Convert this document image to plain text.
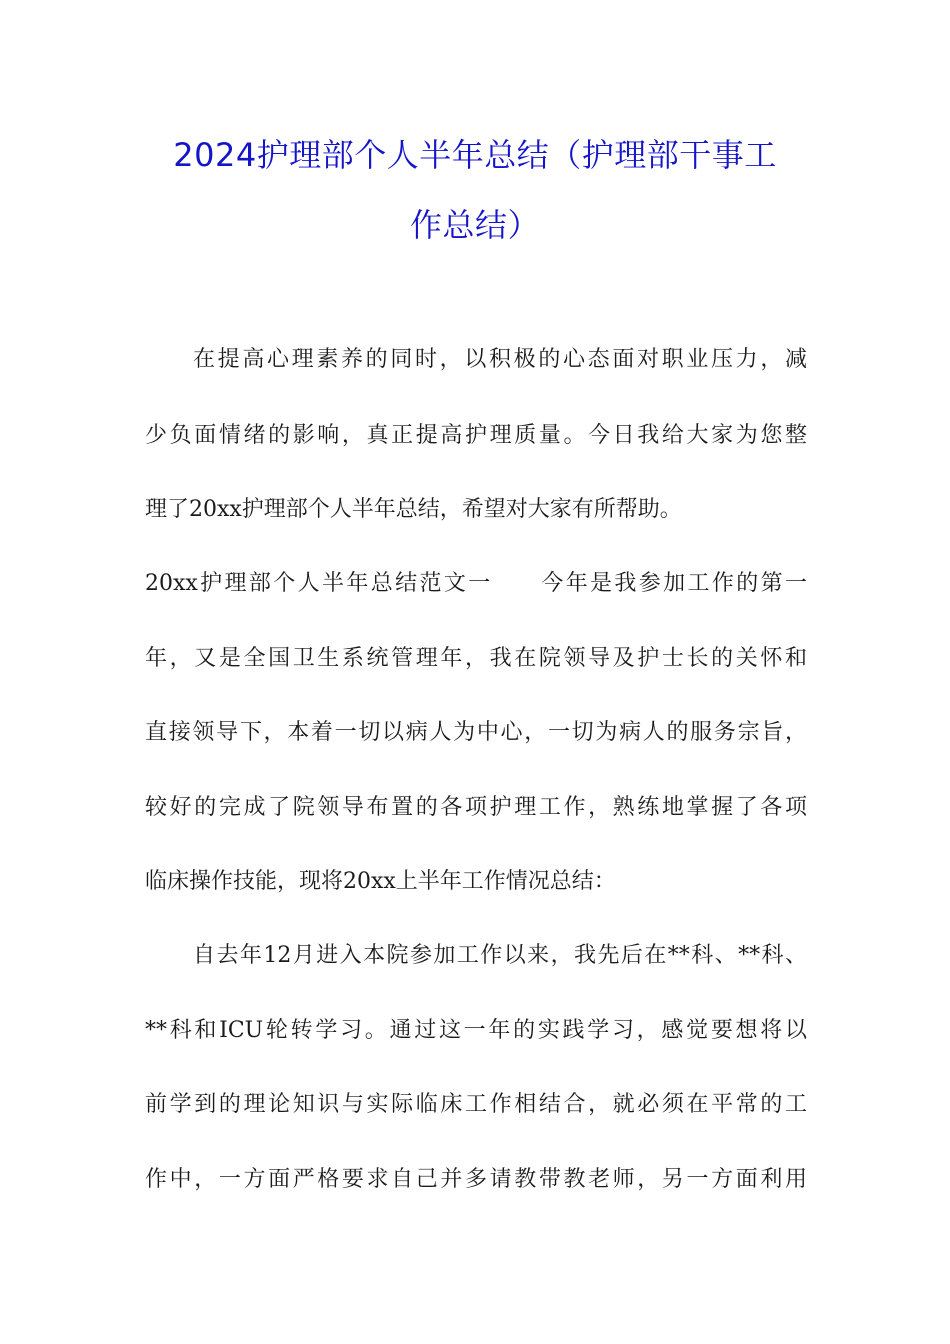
2024护理部个人半年总结（护理部干事工
作总结）
在提高心理素养的同时，以积极的心态面对职业压力，减
少负面情绪的影响，真正提高护理质量。今日我给大家为您整
理了20xx护理部个人半年总结，希望对大家有所帮助。
20xx护理部个人半年总结范文一　　今年是我参加工作的第一
年，又是全国卫生系统管理年，我在院领导及护士长的关怀和
直接领导下，本着一切以病人为中心，一切为病人的服务宗旨，
较好的完成了院领导布置的各项护理工作，熟练地掌握了各项
临床操作技能，现将20xx上半年工作情况总结：
自去年12月进入本院参加工作以来，我先后在**科、**科、
**科和ICU轮转学习。通过这一年的实践学习，感觉要想将以
前学到的理论知识与实际临床工作相结合，就必须在平常的工
作中，一方面严格要求自己并多请教带教老师，另一方面利用
